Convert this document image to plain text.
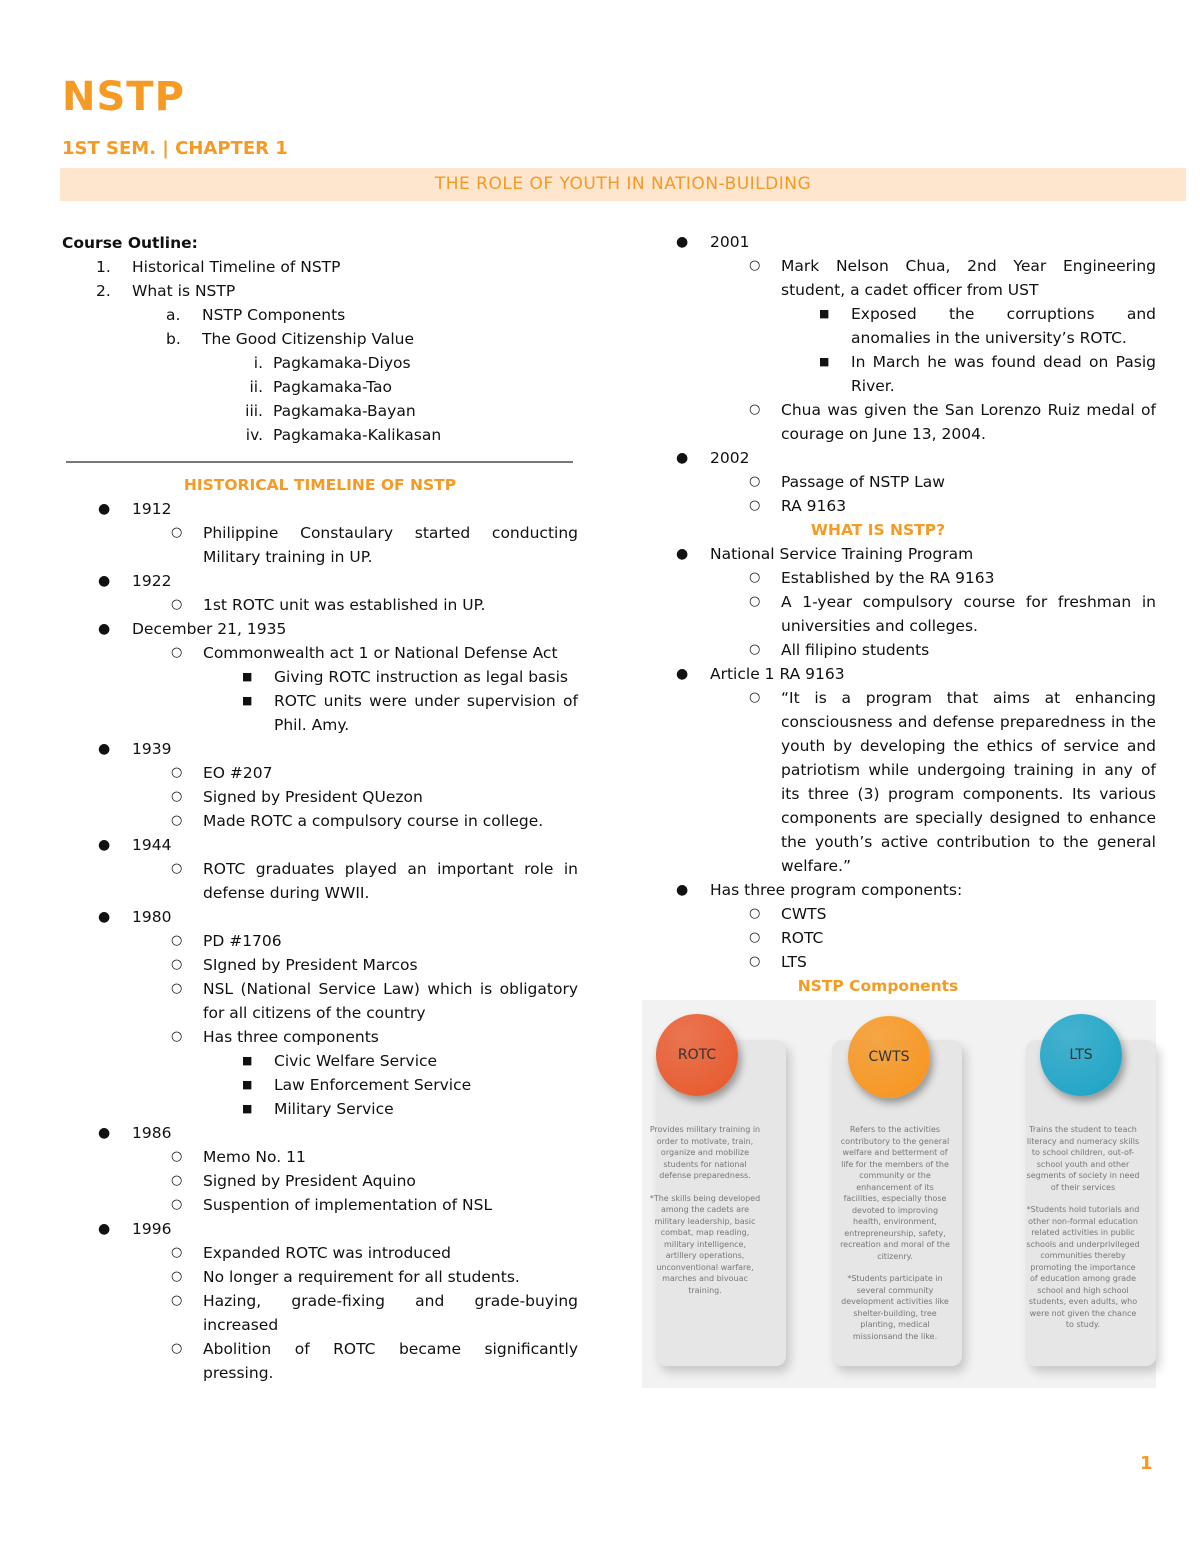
NSTP
1ST SEM. | CHAPTER 1
THE ROLE OF YOUTH IN NATION-BUILDING
Course Outline:
1.	Historical Timeline of NSTP
2.	What is NSTP
a.	NSTP Components
b.	The Good Citizenship Value
i. Pagkamaka-Diyos
ii. Pagkamaka-Tao
iii. Pagkamaka-Bayan
iv. Pagkamaka-Kalikasan
HISTORICAL TIMELINE OF NSTP
●	1912
○	Philippine Constaulary started conducting Military training in UP.
●	1922
○	1st ROTC unit was established in UP.
●	December 21, 1935
○	Commonwealth act 1 or National Defense Act
■	Giving ROTC instruction as legal basis
■	ROTC units were under supervision of Phil. Amy.
●	1939
○	EO #207
○	Signed by President QUezon
○	Made ROTC a compulsory course in college.
●	1944
○	ROTC graduates played an important role in defense during WWII.
●	1980
○	PD #1706
○	SIgned by President Marcos
○	NSL (National Service Law) which is obligatory for all citizens of the country
○	Has three components
■	Civic Welfare Service
■	Law Enforcement Service
■	Military Service
●	1986
○	Memo No. 11
○	Signed by President Aquino
○	Suspention of implementation of NSL
●	1996
○	Expanded ROTC was introduced
○	No longer a requirement for all students.
○	Hazing, grade-fixing and grade-buying increased
○	Abolition of ROTC became significantly pressing.
●	2001
○	Mark Nelson Chua, 2nd Year Engineering student, a cadet officer from UST
■	Exposed the corruptions and anomalies in the university’s ROTC.
■	In March he was found dead on Pasig River.
○	Chua was given the San Lorenzo Ruiz medal of courage on June 13, 2004.
●	2002
○	Passage of NSTP Law
○	RA 9163
WHAT IS NSTP?
●	National Service Training Program
○	Established by the RA 9163
○	A 1-year compulsory course for freshman in universities and colleges.
○	All filipino students
●	Article 1 RA 9163
○	“It is a program that aims at enhancing consciousness and defense preparedness in the youth by developing the ethics of service and patriotism while undergoing training in any of its three (3) program components. Its various components are specially designed to enhance the youth’s active contribution to the general welfare.”
●	Has three program components:
○	CWTS
○	ROTC
○	LTS
NSTP Components
ROTC	CWTS	LTS
Provides military training in order to motivate, train, organize and mobilize students for national defense preparedness.
*The skills being developed among the cadets are military leadership, basic combat, map reading, military intelligence, artillery operations, unconventional warfare, marches and bivouac training.
Refers to the activities contributory to the general welfare and betterment of life for the members of the community or the enhancement of its facilities, especially those devoted to improving health, environment, entrepreneurship, safety, recreation and moral of the citizenry.
*Students participate in several community development activities like shelter-building, tree planting, medical missionsand the like.
Trains the student to teach literacy and numeracy skills to school children, out-of-school youth and other segments of society in need of their services
*Students hold tutorials and other non-formal education related activities in public schools and underprivileged communities thereby promoting the importance of education among grade school and high school students, even adults, who were not given the chance to study.
1
